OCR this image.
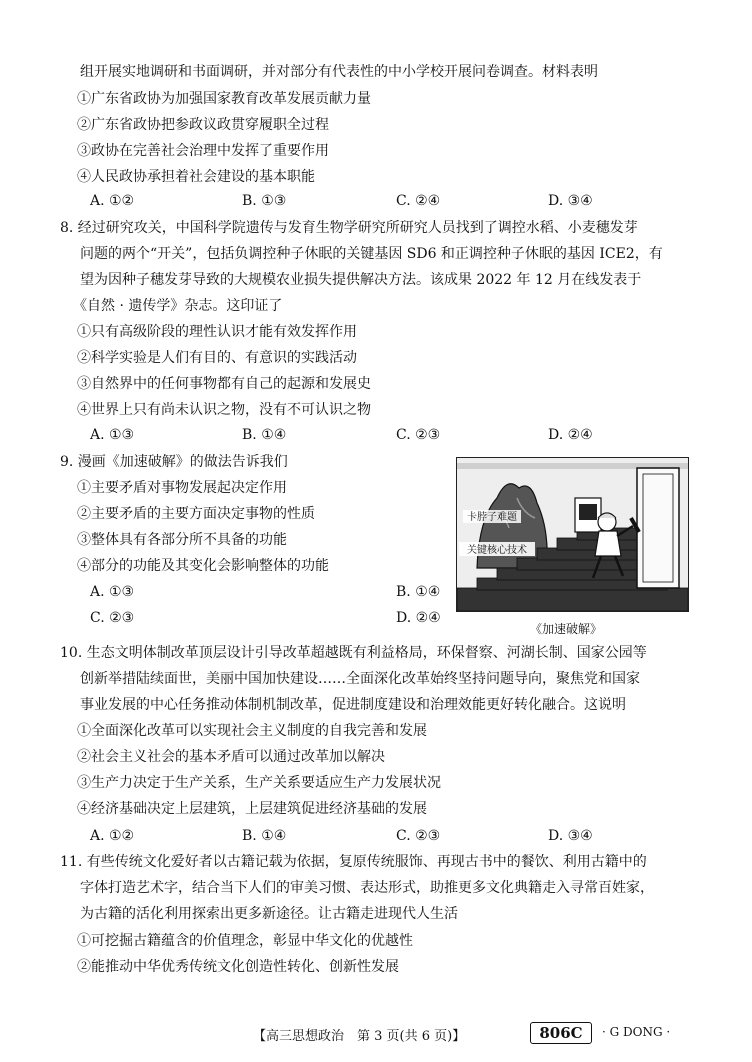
组开展实地调研和书面调研，并对部分有代表性的中小学校开展问卷调查。材料表明
①广东省政协为加强国家教育改革发展贡献力量
②广东省政协把参政议政贯穿履职全过程
③政协在完善社会治理中发挥了重要作用
④人民政协承担着社会建设的基本职能
A. ①②	B. ①③	C. ②④	D. ③④
8. 经过研究攻关，中国科学院遗传与发育生物学研究所研究人员找到了调控水稻、小麦穗发芽
问题的两个“开关”，包括负调控种子休眠的关键基因 SD6 和正调控种子休眠的基因 ICE2，有
望为因种子穗发芽导致的大规模农业损失提供解决方法。该成果 2022 年 12 月在线发表于
《自然 · 遗传学》杂志。这印证了
①只有高级阶段的理性认识才能有效发挥作用
②科学实验是人们有目的、有意识的实践活动
③自然界中的任何事物都有自己的起源和发展史
④世界上只有尚未认识之物，没有不可认识之物
A. ①③	B. ①④	C. ②③	D. ②④
9. 漫画《加速破解》的做法告诉我们
①主要矛盾对事物发展起决定作用
②主要矛盾的主要方面决定事物的性质
③整体具有各部分所不具备的功能
④部分的功能及其变化会影响整体的功能
A. ①③	B. ①④
C. ②③	D. ②④
卡脖子难题
关键核心技术
《加速破解》
10. 生态文明体制改革顶层设计引导改革超越既有利益格局，环保督察、河湖长制、国家公园等
创新举措陆续面世，美丽中国加快建设……全面深化改革始终坚持问题导向，聚焦党和国家
事业发展的中心任务推动体制机制改革，促进制度建设和治理效能更好转化融合。这说明
①全面深化改革可以实现社会主义制度的自我完善和发展
②社会主义社会的基本矛盾可以通过改革加以解决
③生产力决定于生产关系，生产关系要适应生产力发展状况
④经济基础决定上层建筑，上层建筑促进经济基础的发展
A. ①②	B. ①④	C. ②③	D. ③④
11. 有些传统文化爱好者以古籍记载为依据，复原传统服饰、再现古书中的餐饮、利用古籍中的
字体打造艺术字，结合当下人们的审美习惯、表达形式，助推更多文化典籍走入寻常百姓家，
为古籍的活化利用探索出更多新途径。让古籍走进现代人生活
①可挖掘古籍蕴含的价值理念，彰显中华文化的优越性
②能推动中华优秀传统文化创造性转化、创新性发展
【高三思想政治　第 3 页(共 6 页)】	806C	· G DONG ·
